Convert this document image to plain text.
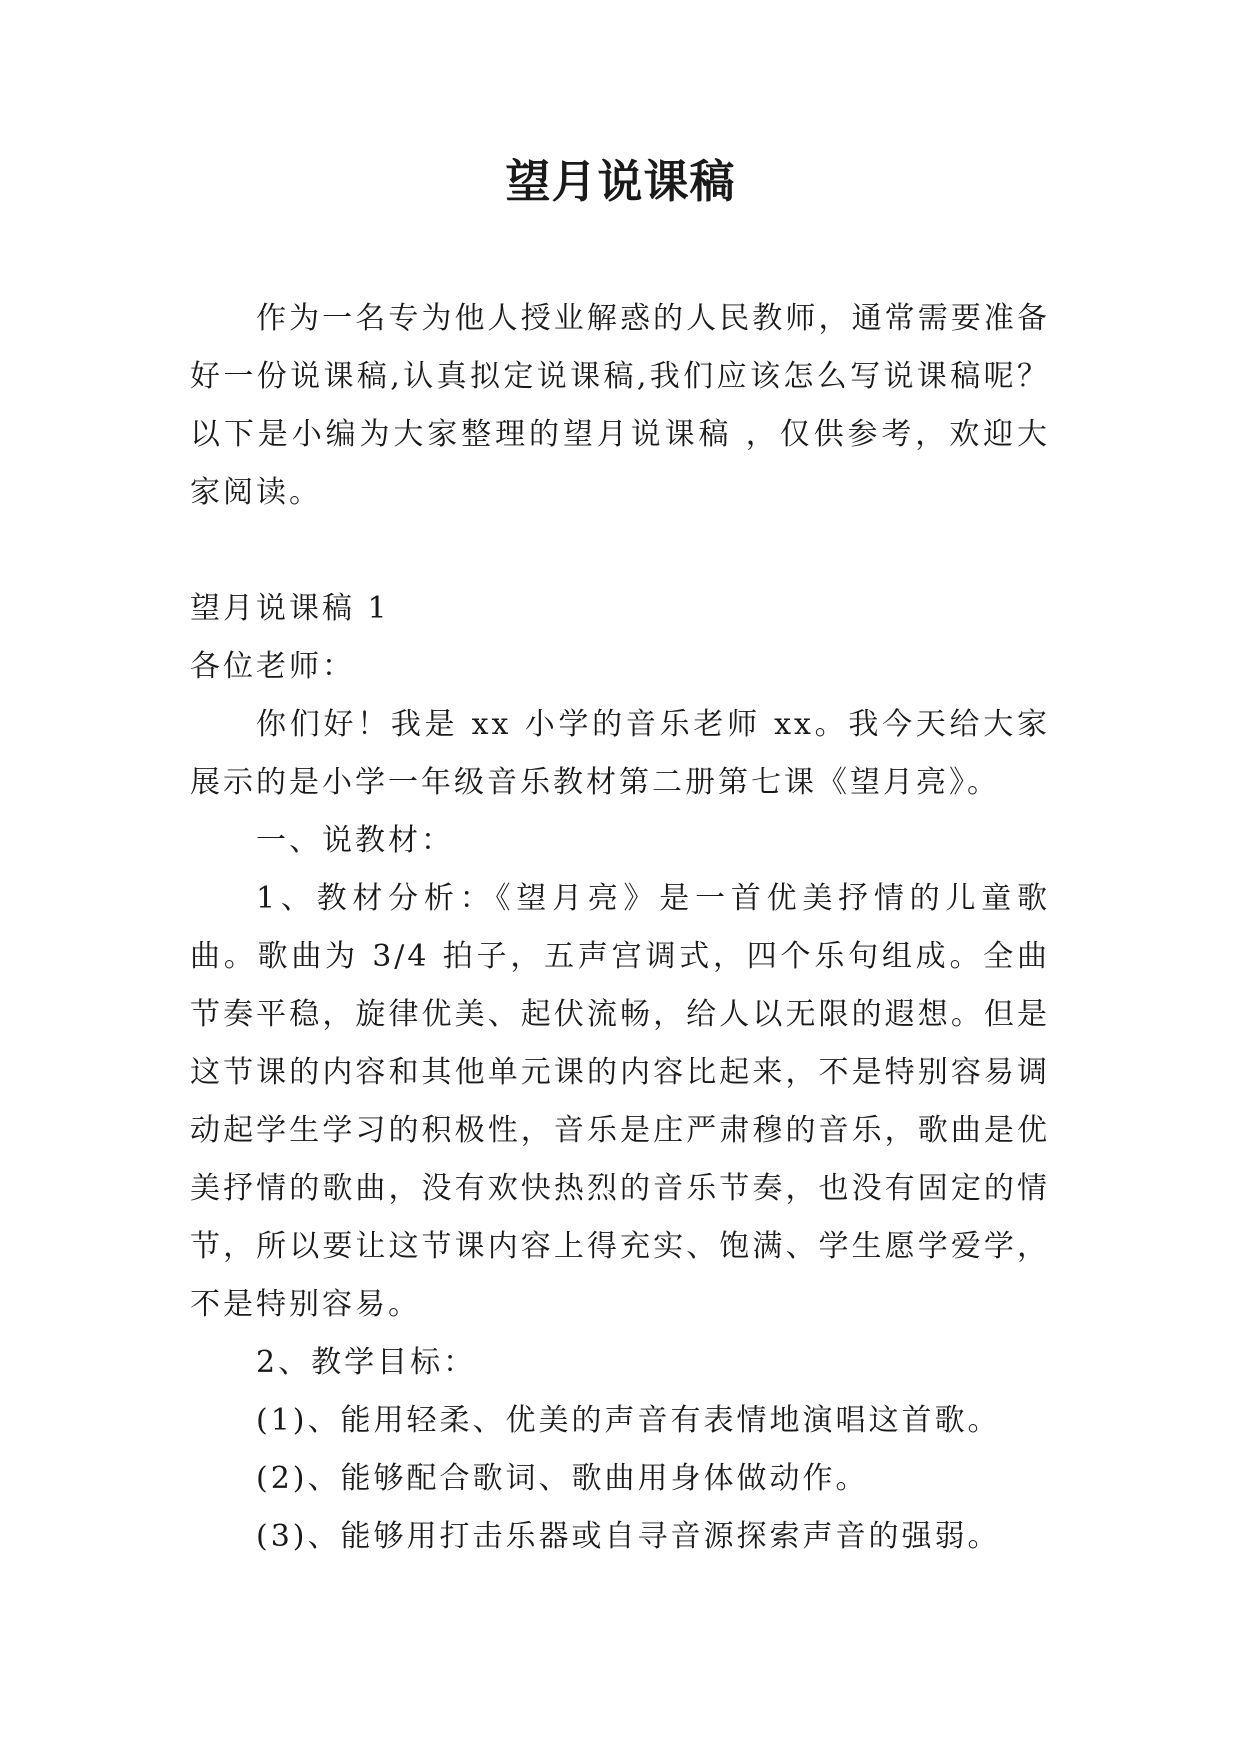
望月说课稿

作为一名专为他人授业解惑的人民教师，通常需要准备好一份说课稿,认真拟定说课稿,我们应该怎么写说课稿呢？以下是小编为大家整理的望月说课稿 ，仅供参考，欢迎大家阅读。

望月说课稿 1

各位老师：

你们好！我是 xx 小学的音乐老师 xx。我今天给大家展示的是小学一年级音乐教材第二册第七课《望月亮》。

一、说教材：

1、教材分析：《望月亮》是一首优美抒情的儿童歌曲。歌曲为 3/4 拍子，五声宫调式，四个乐句组成。全曲节奏平稳，旋律优美、起伏流畅，给人以无限的遐想。但是这节课的内容和其他单元课的内容比起来，不是特别容易调动起学生学习的积极性，音乐是庄严肃穆的音乐，歌曲是优美抒情的歌曲，没有欢快热烈的音乐节奏，也没有固定的情节，所以要让这节课内容上得充实、饱满、学生愿学爱学，不是特别容易。

2、教学目标：

(1)、能用轻柔、优美的声音有表情地演唱这首歌。

(2)、能够配合歌词、歌曲用身体做动作。

(3)、能够用打击乐器或自寻音源探索声音的强弱。
